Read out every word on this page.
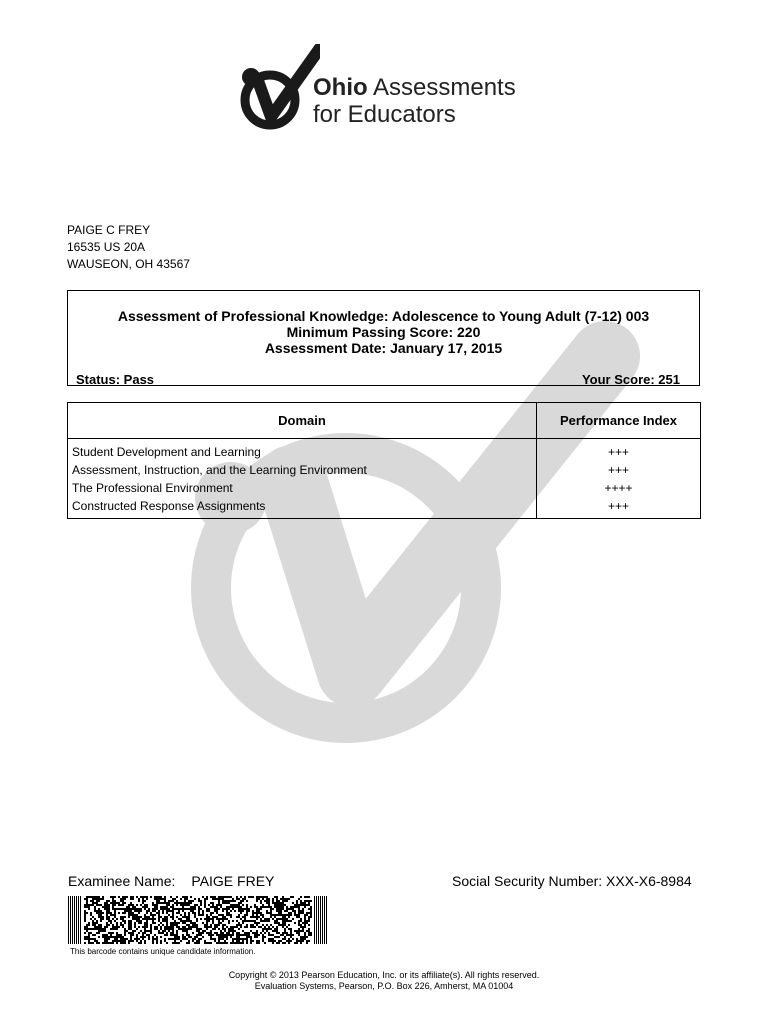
Ohio Assessments
for Educators
PAIGE C FREY
16535 US 20A
WAUSEON, OH 43567
Assessment of Professional Knowledge: Adolescence to Young Adult (7-12) 003
Minimum Passing Score: 220
Assessment Date: January 17, 2015
Status: Pass	Your Score: 251
Domain	Performance Index
Student Development and Learning	+++
Assessment, Instruction, and the Learning Environment	+++
The Professional Environment	++++
Constructed Response Assignments	+++
Examinee Name: PAIGE FREY	Social Security Number: XXX-X6-8984
This barcode contains unique candidate information.
Copyright © 2013 Pearson Education, Inc. or its affiliate(s). All rights reserved.
Evaluation Systems, Pearson, P.O. Box 226, Amherst, MA 01004
